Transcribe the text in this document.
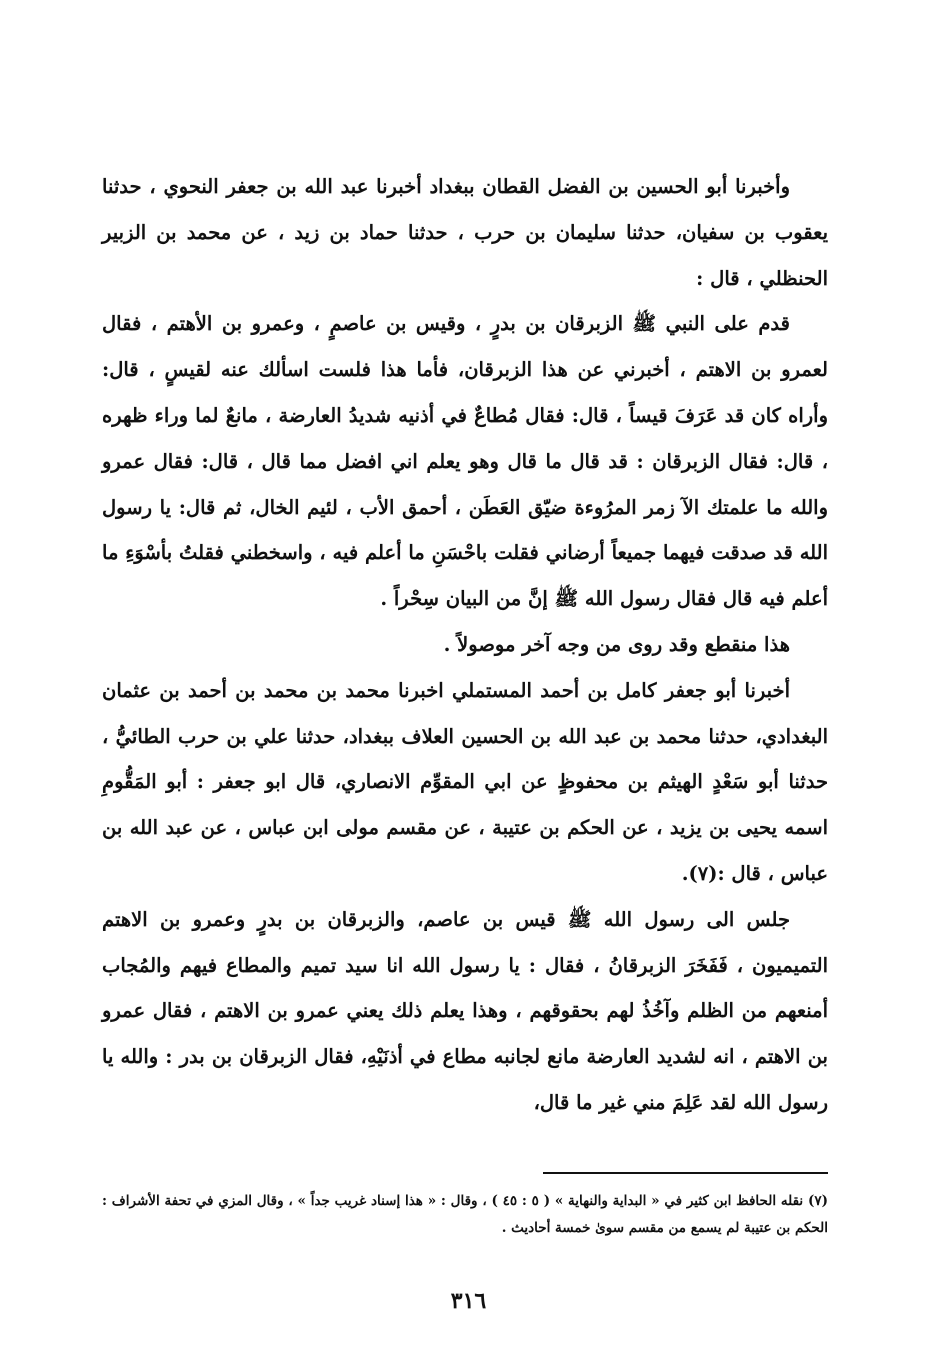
وأخبرنا أبو الحسين بن الفضل القطان ببغداد أخبرنا عبد الله بن جعفر النحوي ، حدثنا يعقوب بن سفيان، حدثنا سليمان بن حرب ، حدثنا حماد بن زيد ، عن محمد بن الزبير الحنظلي ، قال :

قدم على النبي ﷺ الزبرقان بن بدرٍ ، وقيس بن عاصمٍ ، وعمرو بن الأهتم ، فقال لعمرو بن الاهتم ، أخبرني عن هذا الزبرقان، فأما هذا فلست اسألك عنه لقيسٍ ، قال: وأراه كان قد عَرَفَ قيساً ، قال: فقال مُطاعٌ في أذنيه شديدُ العارضة ، مانعٌ لما وراء ظهره ، قال: فقال الزبرقان : قد قال ما قال وهو يعلم اني افضل مما قال ، قال: فقال عمرو والله ما علمتك الآ زمر المرُوءة ضيّق العَطَن ، أحمق الأب ، لئيم الخال، ثم قال: يا رسول الله قد صدقت فيهما جميعاً أرضاني فقلت باحْسَنِ ما أعلم فيه ، واسخطني فقلتُ بأسْوَءِ ما أعلم فيه قال فقال رسول الله ﷺ إنَّ من البيان سِحْراً .

هذا منقطع وقد روى من وجه آخر موصولاً .

أخبرنا أبو جعفر كامل بن أحمد المستملي اخبرنا محمد بن محمد بن أحمد بن عثمان البغدادي، حدثنا محمد بن عبد الله بن الحسين العلاف ببغداد، حدثنا علي بن حرب الطائيُّ ، حدثنا أبو سَعْدٍ الهيثم بن محفوظٍ عن ابي المقوِّم الانصاري، قال ابو جعفر : أبو المَقُّومِ اسمه يحيى بن يزيد ، عن الحكم بن عتيبة ، عن مقسم مولى ابن عباس ، عن عبد الله بن عباس ، قال :(٧).

جلس الى رسول الله ﷺ قيس بن عاصم، والزبرقان بن بدرٍ وعمرو بن الاهتم التميميون ، فَفَخَرَ الزبرقانُ ، فقال : يا رسول الله انا سيد تميم والمطاع فيهم والمُجاب أمنعهم من الظلم وآخُذُ لهم بحقوقهم ، وهذا يعلم ذلك يعني عمرو بن الاهتم ، فقال عمرو بن الاهتم ، انه لشديد العارضة مانع لجانبه مطاع في أذنَيْهِ، فقال الزبرقان بن بدر : والله يا رسول الله لقد عَلِمَ مني غير ما قال،

(٧) نقله الحافظ ابن كثير في « البداية والنهاية » ( ٥ : ٤٥ ) ، وقال : « هذا إسناد غريب جداً » ، وقال المزي في تحفة الأشراف : الحكم بن عتيبة لم يسمع من مقسم سوىٰ خمسة أحاديث .

٣١٦
